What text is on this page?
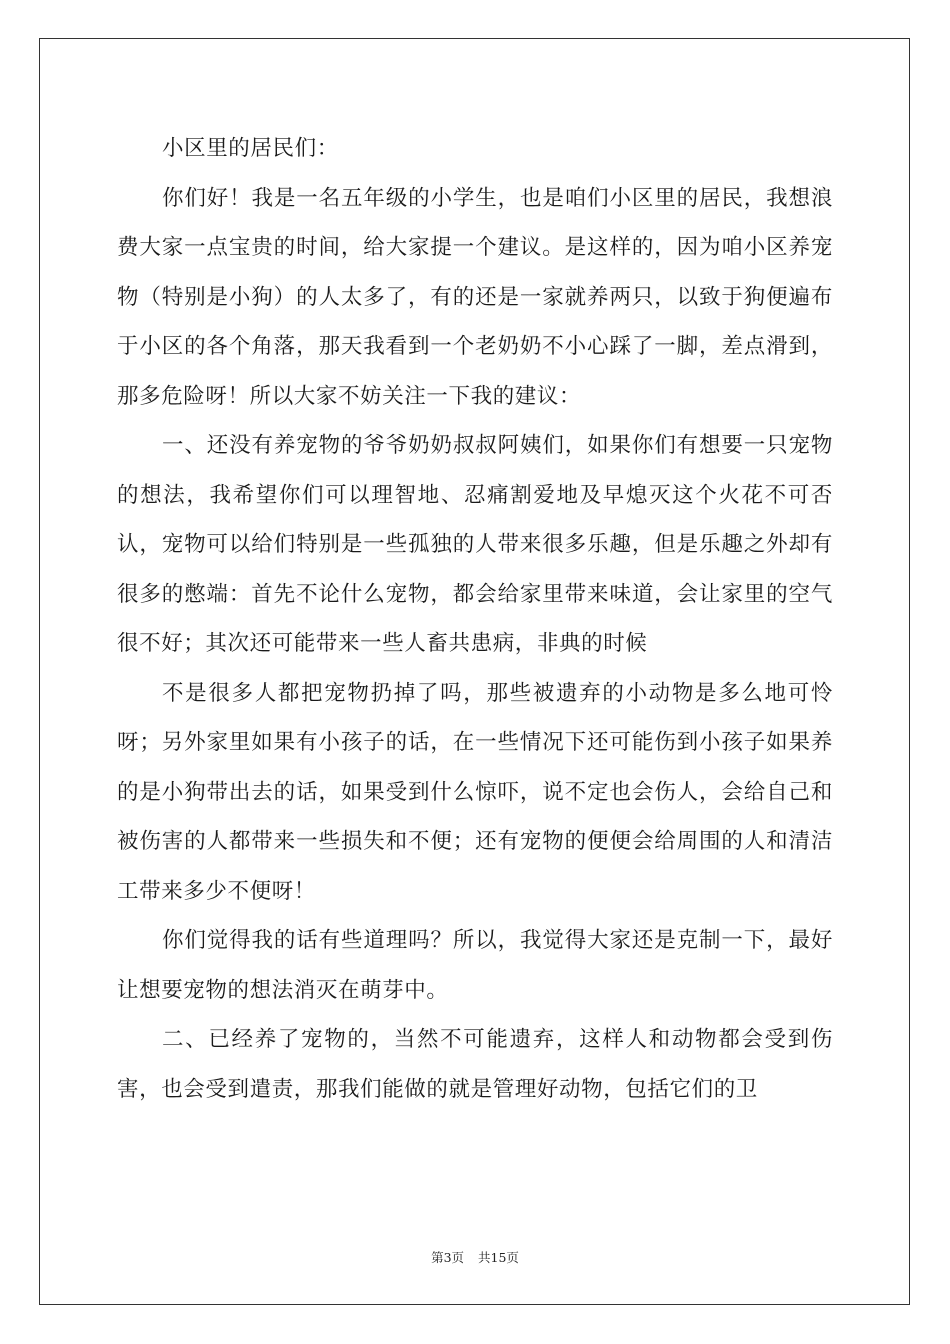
小区里的居民们：

你们好！我是一名五年级的小学生，也是咱们小区里的居民，我想浪费大家一点宝贵的时间，给大家提一个建议。是这样的，因为咱小区养宠物（特别是小狗）的人太多了，有的还是一家就养两只，以致于狗便遍布于小区的各个角落，那天我看到一个老奶奶不小心踩了一脚，差点滑到，那多危险呀！所以大家不妨关注一下我的建议：

一、还没有养宠物的爷爷奶奶叔叔阿姨们，如果你们有想要一只宠物的想法，我希望你们可以理智地、忍痛割爱地及早熄灭这个火花不可否认，宠物可以给们特别是一些孤独的人带来很多乐趣，但是乐趣之外却有很多的憋端：首先不论什么宠物，都会给家里带来味道，会让家里的空气很不好；其次还可能带来一些人畜共患病，非典的时候

不是很多人都把宠物扔掉了吗，那些被遗弃的小动物是多么地可怜呀；另外家里如果有小孩子的话，在一些情况下还可能伤到小孩子如果养的是小狗带出去的话，如果受到什么惊吓，说不定也会伤人，会给自己和被伤害的人都带来一些损失和不便；还有宠物的便便会给周围的人和清洁工带来多少不便呀！

你们觉得我的话有些道理吗？所以，我觉得大家还是克制一下，最好让想要宠物的想法消灭在萌芽中。

二、已经养了宠物的，当然不可能遗弃，这样人和动物都会受到伤害，也会受到遣责，那我们能做的就是管理好动物，包括它们的卫

第3页 共15页
